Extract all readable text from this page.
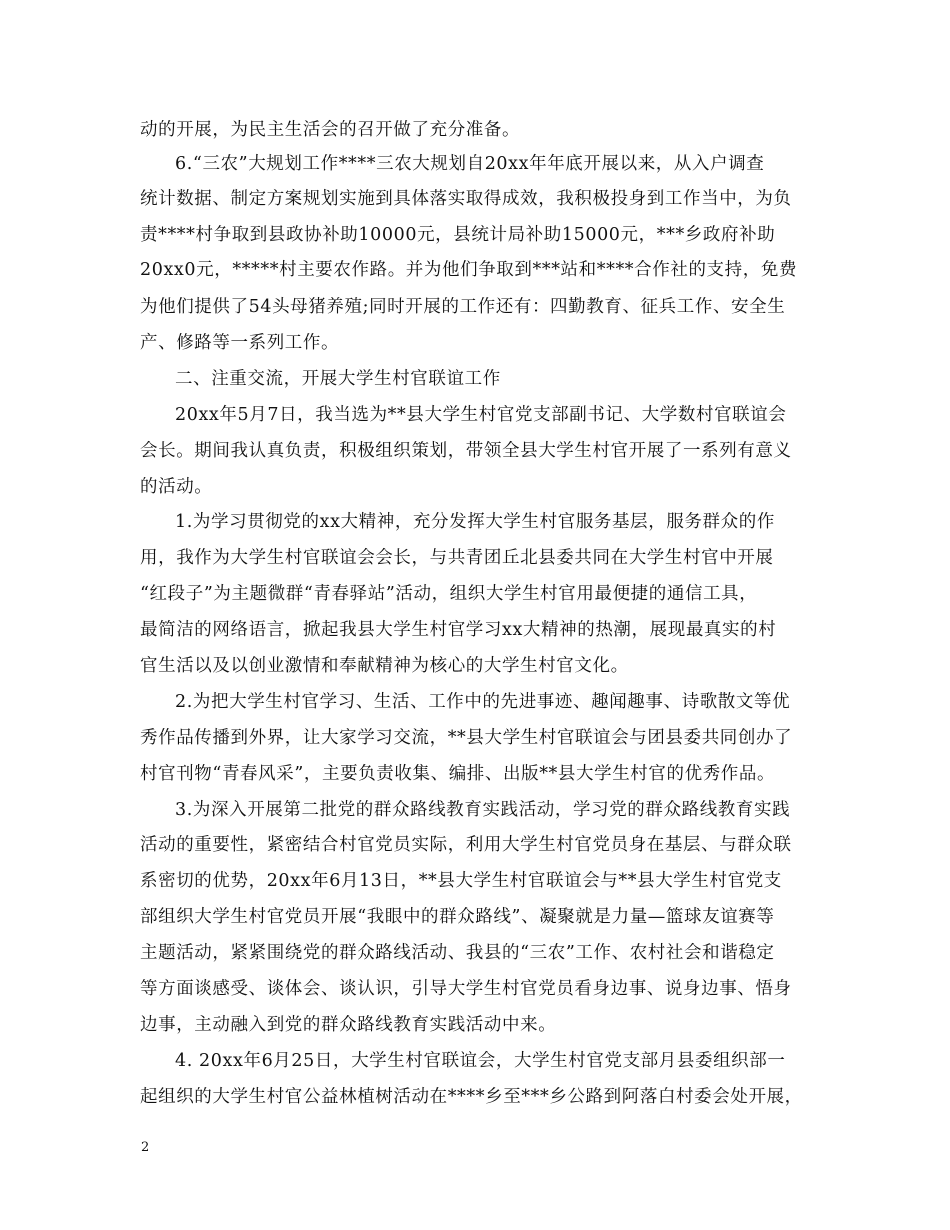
动的开展，为民主生活会的召开做了充分准备。
6.“三农”大规划工作****三农大规划自20xx年年底开展以来，从入户调查
统计数据、制定方案规划实施到具体落实取得成效，我积极投身到工作当中，为负
责****村争取到县政协补助10000元，县统计局补助15000元，***乡政府补助
20xx0元，*****村主要农作路。并为他们争取到***站和****合作社的支持，免费
为他们提供了54头母猪养殖;同时开展的工作还有：四勤教育、征兵工作、安全生
产、修路等一系列工作。
二、注重交流，开展大学生村官联谊工作
20xx年5月7日，我当选为**县大学生村官党支部副书记、大学数村官联谊会
会长。期间我认真负责，积极组织策划，带领全县大学生村官开展了一系列有意义
的活动。
1.为学习贯彻党的xx大精神，充分发挥大学生村官服务基层，服务群众的作
用，我作为大学生村官联谊会会长，与共青团丘北县委共同在大学生村官中开展
“红段子”为主题微群“青春驿站”活动，组织大学生村官用最便捷的通信工具，
最简洁的网络语言，掀起我县大学生村官学习xx大精神的热潮，展现最真实的村
官生活以及以创业激情和奉献精神为核心的大学生村官文化。
2.为把大学生村官学习、生活、工作中的先进事迹、趣闻趣事、诗歌散文等优
秀作品传播到外界，让大家学习交流，**县大学生村官联谊会与团县委共同创办了
村官刊物“青春风采”，主要负责收集、编排、出版**县大学生村官的优秀作品。
3.为深入开展第二批党的群众路线教育实践活动，学习党的群众路线教育实践
活动的重要性，紧密结合村官党员实际，利用大学生村官党员身在基层、与群众联
系密切的优势，20xx年6月13日，**县大学生村官联谊会与**县大学生村官党支
部组织大学生村官党员开展“我眼中的群众路线”、凝聚就是力量—篮球友谊赛等
主题活动，紧紧围绕党的群众路线活动、我县的“三农”工作、农村社会和谐稳定
等方面谈感受、谈体会、谈认识，引导大学生村官党员看身边事、说身边事、悟身
边事，主动融入到党的群众路线教育实践活动中来。
4. 20xx年6月25日，大学生村官联谊会，大学生村官党支部月县委组织部一
起组织的大学生村官公益林植树活动在****乡至***乡公路到阿落白村委会处开展，
2
